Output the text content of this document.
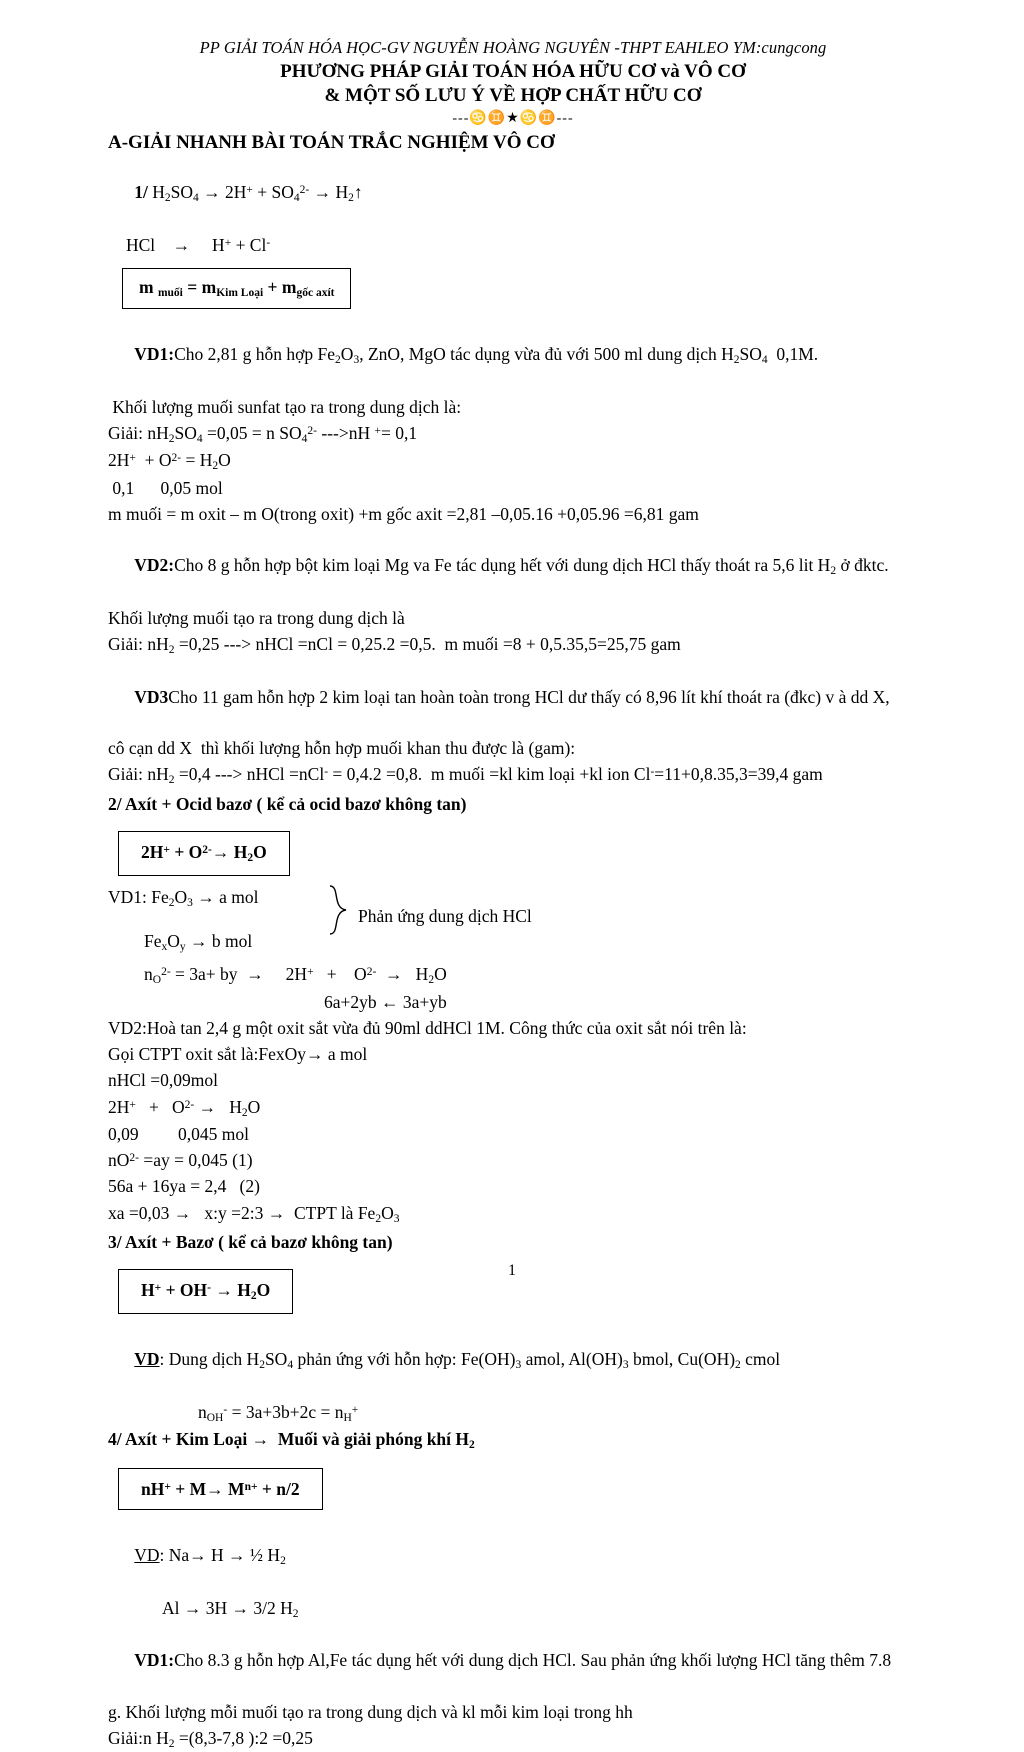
PP GIẢI TOÁN HÓA HỌC-GV NGUYỄN HOÀNG NGUYÊN -THPT EAHLEO YM:cungcong
PHƯƠNG PHÁP GIẢI TOÁN HÓA HỮU CƠ và VÔ CƠ
& MỘT SỐ LƯU Ý VỀ HỢP CHẤT HỮU CƠ
---♋♊★♋♊---
A-GIẢI NHANH BÀI TOÁN TRẮC NGHIỆM VÔ CƠ

1/ $H_2SO_4 \to 2H^+ + SO_4^{2-}$ → $H_2↑$

HCl    →     H+ + Cl-
m $_{muối} = m_{Kim Loại} + m_{gốc axít}$

VD1:Cho 2,81 g hỗn hợp $Fe_2O_3$, ZnO, MgO tác dụng vừa đủ với 500 ml dung dịch $H_2SO_4$  0,1M.

Khối lượng muối sunfat tạo ra trong dung dịch là:
Giải: $nH_2SO_4 =0,05 = n$ $SO_4^{2-}$ --->nH += 0,1
$2H^+ + O^{2-} = H_2O$
0,1      0,05 mol
m muối = m oxit – m O(trong oxit) +m gốc axit =2,81 –0,05.16 +0,05.96 =6,81 gam

VD2:Cho 8 g hỗn hợp bột kim loại Mg va Fe tác dụng hết với dung dịch HCl thấy thoát ra 5,6 lit $H_2$ ở đktc.

Khối lượng muối tạo ra trong dung dịch là
Giải: $nH_2 =0,25$ ---> nHCl =nCl = 0,25.2 =0,5.  m muối =8 + 0,5.35,5=25,75 gam

VD3Cho 11 gam hỗn hợp 2 kim loại tan hoàn toàn trong HCl dư thấy có 8,96 lít khí thoát ra (đkc) v à dd X,

cô cạn dd X  thì khối lượng hỗn hợp muối khan thu được là (gam):
Giải: $nH_2 =0,4$ ---> nHCl =nCl- = 0,4.2 =0,8.  m muối =kl kim loại +kl ion Cl-=11+0,8.35,3=39,4 gam
2/ Axít + Ocid bazơ ( kể cả ocid bazơ không tan)
$2H^+ + O^{2-}\to H_2O$
VD1: $Fe_2O_3 \to a$ mol
$Fe_xO_y \to b$ mol
Phản ứng dung dịch HCl
$n_O^{2-} = 3a+$ by  →     2H+   +    $O^{2-} \to H_2O$
6a+2yb ← 3a+yb
VD2:Hoà tan 2,4 g một oxit sắt vừa đủ 90ml ddHCl 1M. Công thức của oxit sắt nói trên là:
Gọi CTPT oxit sắt là:FexOy→ a mol
nHCl =0,09mol
$2H^+ + O^{2-} \to H_2O$
0,09         0,045 mol
$nO^{2-} =ay = 0,045$ (1)
56a + 16ya = 2,4   (2)
xa =0,03 →   x:y =2:3 →  CTPT là $Fe_2O_3$
3/ Axít + Bazơ ( kể cả bazơ không tan)
$H^+ + OH^- \to H_2O$

VD: Dung dịch $H_2SO_4$ phản ứng với hỗn hợp: $Fe(OH)_3$ amol, $Al(OH)_3$ bmol, $Cu(OH)_2$ cmol

$n_{OH}^- = 3a+3b+2c = n_H^+$
4/ Axít + Kim Loại →  Muối và giải phóng khí $H_2$
$nH^+ + M\to M^{n+} + n/2$

VD: Na→ H → ½ $H_2$

Al → 3H → 3/2 $H_2$

VD1:Cho 8.3 g hỗn hợp Al,Fe tác dụng hết với dung dịch HCl. Sau phản ứng khối lượng HCl tăng thêm 7.8

g. Khối lượng mỗi muối tạo ra trong dung dịch và kl mỗi kim loại trong hh
Giải:n $H_2 =(8,3-7,8$ ):2 =0,25
1
